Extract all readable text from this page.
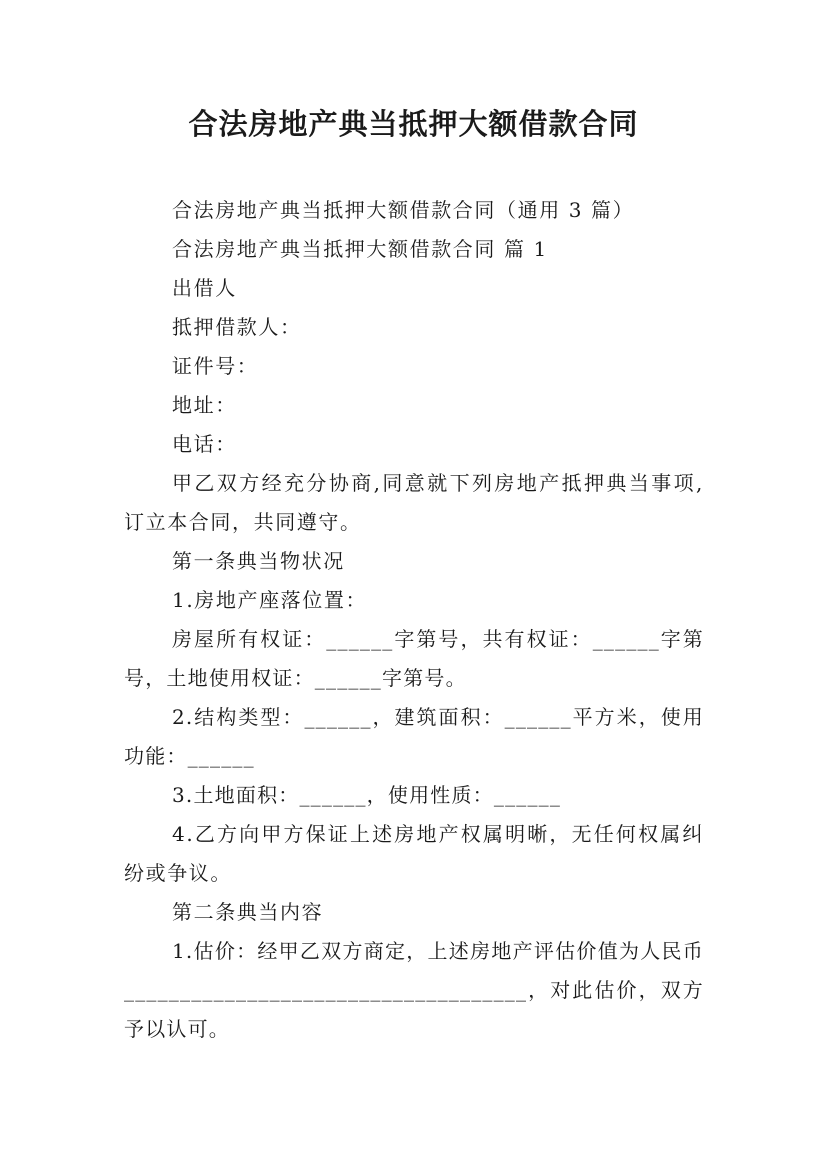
合法房地产典当抵押大额借款合同

合法房地产典当抵押大额借款合同（通用 3 篇）

合法房地产典当抵押大额借款合同 篇 1

出借人

抵押借款人：

证件号：

地址：

电话：

甲乙双方经充分协商,同意就下列房地产抵押典当事项,订立本合同，共同遵守。

第一条典当物状况

1.房地产座落位置：

房屋所有权证：______字第号，共有权证：______字第号，土地使用权证：______字第号。

2.结构类型：______，建筑面积：______平方米，使用功能：______

3.土地面积：______，使用性质：______

4.乙方向甲方保证上述房地产权属明晰，无任何权属纠纷或争议。

第二条典当内容

1.估价：经甲乙双方商定，上述房地产评估价值为人民币____________________________________，对此估价，双方予以认可。
